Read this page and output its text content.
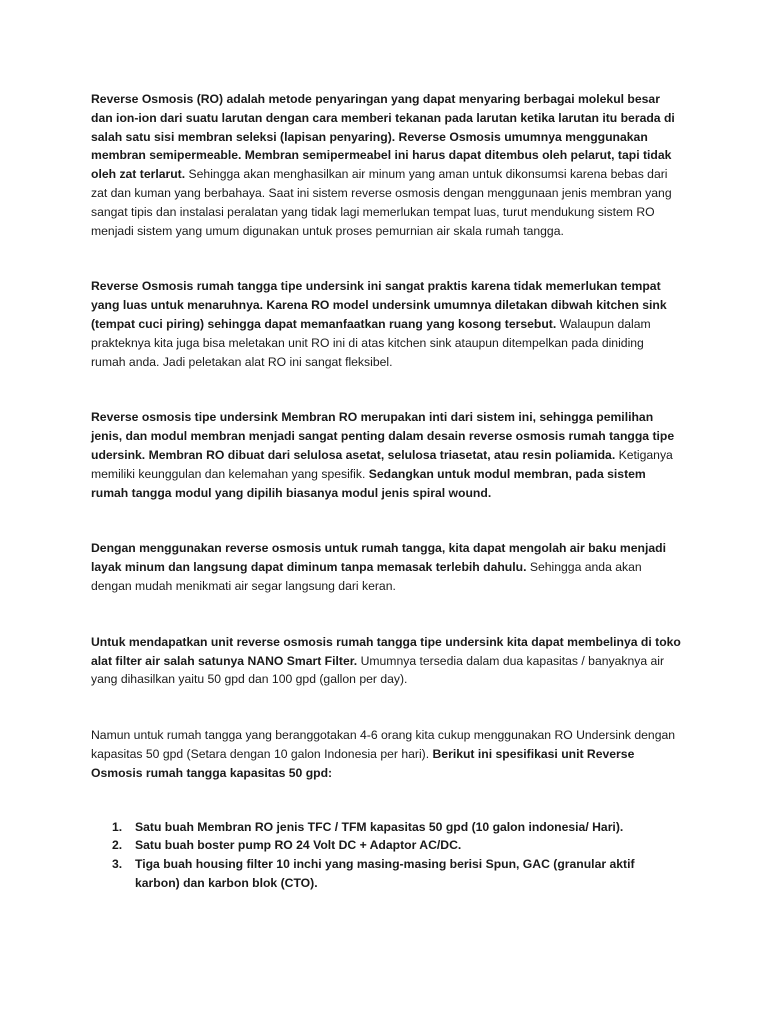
Reverse Osmosis (RO) adalah metode penyaringan yang dapat menyaring berbagai molekul besar dan ion-ion dari suatu larutan dengan cara memberi tekanan pada larutan ketika larutan itu berada di salah satu sisi membran seleksi (lapisan penyaring). Reverse Osmosis umumnya menggunakan membran semipermeable. Membran semipermeabel ini harus dapat ditembus oleh pelarut, tapi tidak oleh zat terlarut. Sehingga akan menghasilkan air minum yang aman untuk dikonsumsi karena bebas dari zat dan kuman yang berbahaya. Saat ini sistem reverse osmosis dengan menggunaan jenis membran yang sangat tipis dan instalasi peralatan yang tidak lagi memerlukan tempat luas, turut mendukung sistem RO menjadi sistem yang umum digunakan untuk proses pemurnian air skala rumah tangga.

Reverse Osmosis rumah tangga tipe undersink ini sangat praktis karena tidak memerlukan tempat yang luas untuk menaruhnya. Karena RO model undersink umumnya diletakan dibwah kitchen sink (tempat cuci piring) sehingga dapat memanfaatkan ruang yang kosong tersebut. Walaupun dalam prakteknya kita juga bisa meletakan unit RO ini di atas kitchen sink ataupun ditempelkan pada diniding rumah anda. Jadi peletakan alat RO ini sangat fleksibel.

Reverse osmosis tipe undersink Membran RO merupakan inti dari sistem ini, sehingga pemilihan jenis, dan modul membran menjadi sangat penting dalam desain reverse osmosis rumah tangga tipe udersink. Membran RO dibuat dari selulosa asetat, selulosa triasetat, atau resin poliamida. Ketiganya memiliki keunggulan dan kelemahan yang spesifik. Sedangkan untuk modul membran, pada sistem rumah tangga modul yang dipilih biasanya modul jenis spiral wound.

Dengan menggunakan reverse osmosis untuk rumah tangga, kita dapat mengolah air baku menjadi layak minum dan langsung dapat diminum tanpa memasak terlebih dahulu. Sehingga anda akan dengan mudah menikmati air segar langsung dari keran.

Untuk mendapatkan unit reverse osmosis rumah tangga tipe undersink kita dapat membelinya di toko alat filter air salah satunya NANO Smart Filter. Umumnya tersedia dalam dua kapasitas / banyaknya air yang dihasilkan yaitu 50 gpd dan 100 gpd (gallon per day).

Namun untuk rumah tangga yang beranggotakan 4-6 orang kita cukup menggunakan RO Undersink dengan kapasitas 50 gpd (Setara dengan 10 galon Indonesia per hari). Berikut ini spesifikasi unit Reverse Osmosis rumah tangga kapasitas 50 gpd:

1. Satu buah Membran RO jenis TFC / TFM kapasitas 50 gpd (10 galon indonesia/ Hari).
2. Satu buah boster pump RO 24 Volt DC + Adaptor AC/DC.
3. Tiga buah housing filter 10 inchi yang masing-masing berisi Spun, GAC (granular aktif karbon) dan karbon blok (CTO).
